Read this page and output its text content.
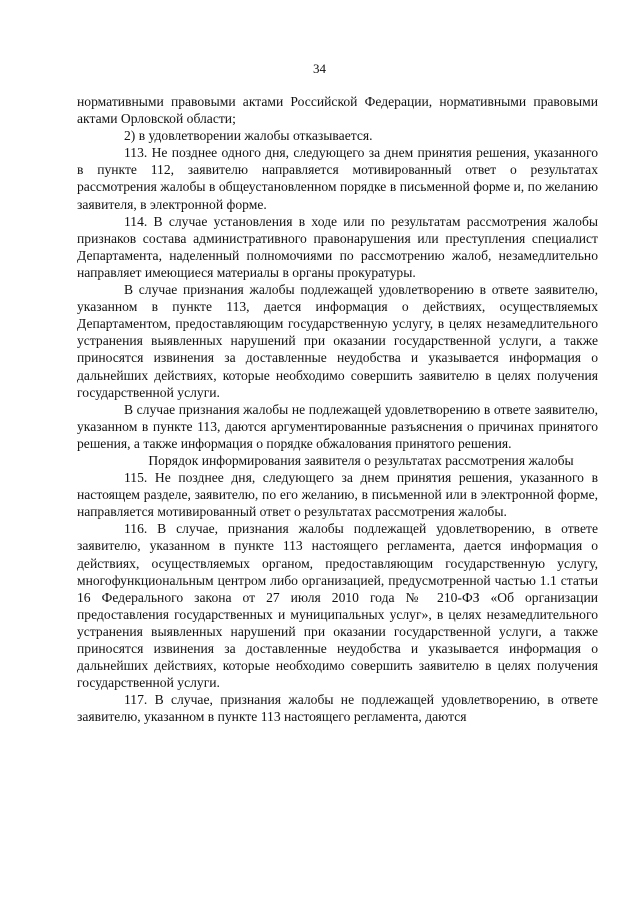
34

нормативными правовыми актами Российской Федерации, нормативными правовыми актами Орловской области;

2) в удовлетворении жалобы отказывается.

113. Не позднее одного дня, следующего за днем принятия решения, указанного в пункте 112, заявителю направляется мотивированный ответ о результатах рассмотрения жалобы в общеустановленном порядке в письменной форме и, по желанию заявителя, в электронной форме.

114. В случае установления в ходе или по результатам рассмотрения жалобы признаков состава административного правонарушения или преступления специалист Департамента, наделенный полномочиями по рассмотрению жалоб, незамедлительно направляет имеющиеся материалы в органы прокуратуры.

В случае признания жалобы подлежащей удовлетворению в ответе заявителю, указанном в пункте 113, дается информация о действиях, осуществляемых Департаментом, предоставляющим государственную услугу, в целях незамедлительного устранения выявленных нарушений при оказании государственной услуги, а также приносятся извинения за доставленные неудобства и указывается информация о дальнейших действиях, которые необходимо совершить заявителю в целях получения государственной услуги.

В случае признания жалобы не подлежащей удовлетворению в ответе заявителю, указанном в пункте 113, даются аргументированные разъяснения о причинах принятого решения, а также информация о порядке обжалования принятого решения.

Порядок информирования заявителя о результатах рассмотрения жалобы

115. Не позднее дня, следующего за днем принятия решения, указанного в настоящем разделе, заявителю, по его желанию, в письменной или в электронной форме, направляется мотивированный ответ о результатах рассмотрения жалобы.

116. В случае, признания жалобы подлежащей удовлетворению, в ответе заявителю, указанном в пункте 113 настоящего регламента, дается информация о действиях, осуществляемых органом, предоставляющим государственную услугу, многофункциональным центром либо организацией, предусмотренной частью 1.1 статьи 16 Федерального закона от 27 июля 2010 года № 210-ФЗ «Об организации предоставления государственных и муниципальных услуг», в целях незамедлительного устранения выявленных нарушений при оказании государственной услуги, а также приносятся извинения за доставленные неудобства и указывается информация о дальнейших действиях, которые необходимо совершить заявителю в целях получения государственной услуги.

117. В случае, признания жалобы не подлежащей удовлетворению, в ответе заявителю, указанном в пункте 113 настоящего регламента, даются
